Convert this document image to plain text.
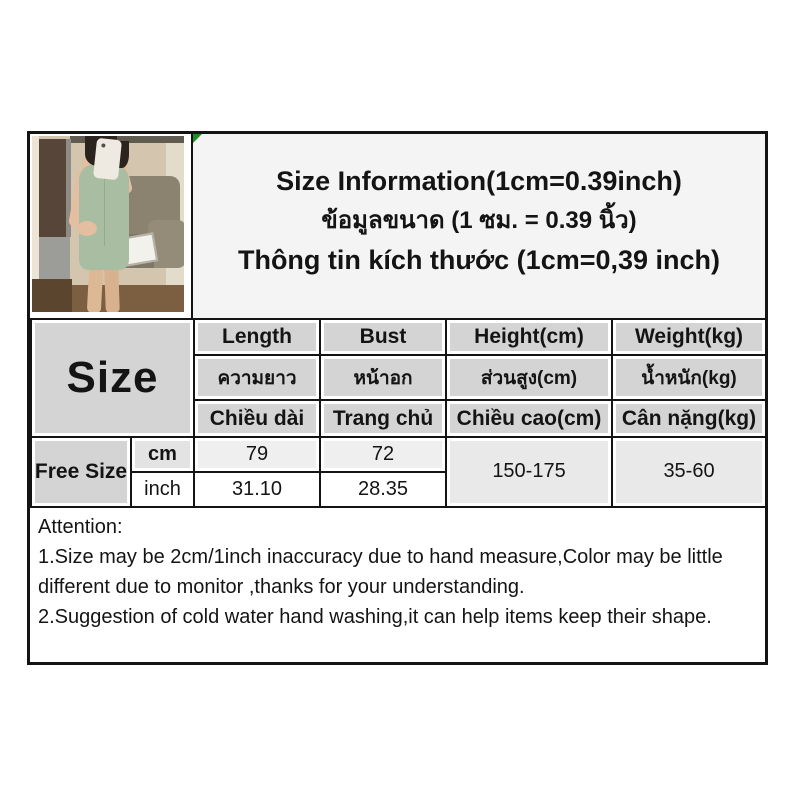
Size Information(1cm=0.39inch)
ข้อมูลขนาด (1 ซม. = 0.39 นิ้ว)
Thông tin kích thước (1cm=0,39 inch)
Size		Length	Bust	Height(cm)	Weight(kg)
		ความยาว	หน้าอก	ส่วนสูง(cm)	น้ำหนัก(kg)
		Chiều dài	Trang chủ	Chiều cao(cm)	Cân nặng(kg)
Free Size	cm	79	72	150-175	35-60
	inch	31.10	28.35		

Attention:

1.Size may be 2cm/1inch inaccuracy due to hand measure,Color may be little different due to monitor ,thanks for your understanding.

2.Suggestion of cold water hand washing,it can help items keep their shape.
